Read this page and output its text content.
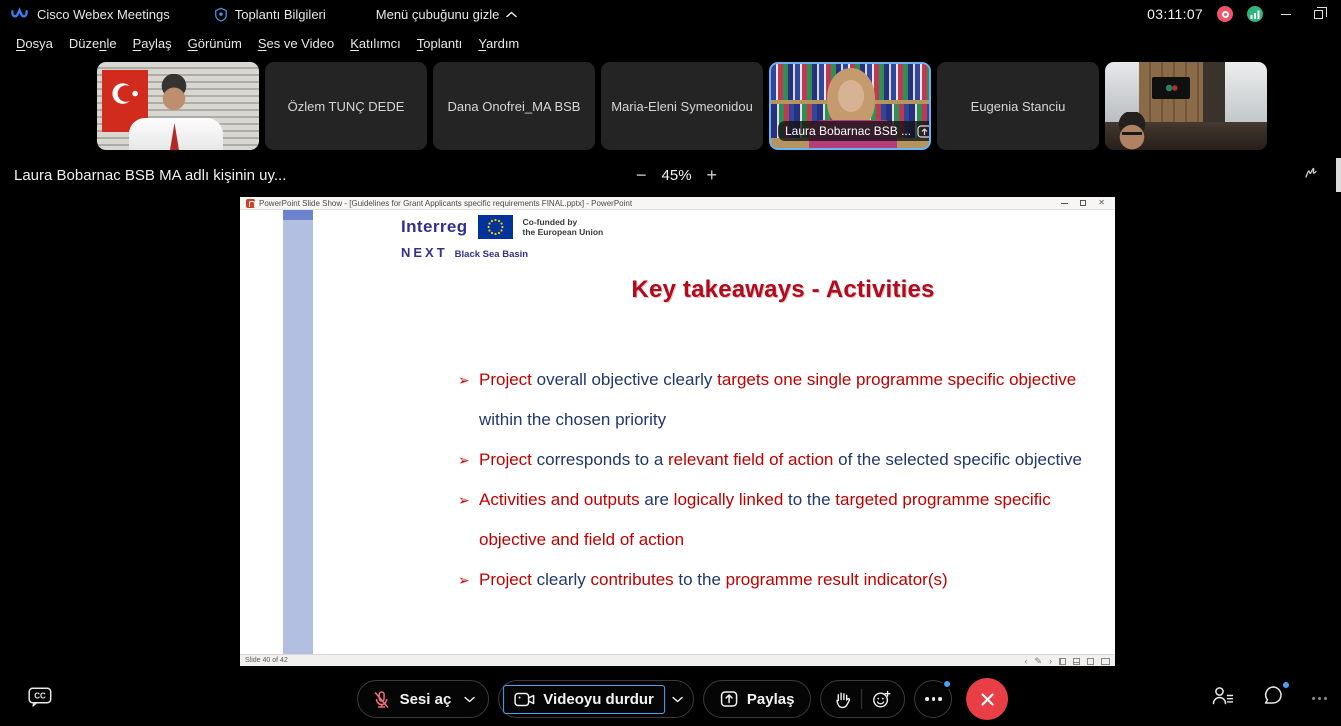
Cisco Webex Meetings	Toplantı Bilgileri	Menü çubuğunu gizle	03:11:07
Dosya	Düzenle	Paylaş	Görünüm	Ses ve Video	Katılımcı	Toplantı	Yardım
Özlem TUNÇ DEDE	Dana Onofrei_MA BSB Maria-Eleni Symeonidou
Laura Bobarnac BSB ...
Eugenia Stanciu
Laura Bobarnac BSB MA adlı kişinin uy...	− 45% +
PowerPoint Slide Show - [Guidelines for Grant Applicants specific requirements FINAL.pptx] - PowerPoint	✕
Interreg	Co-funded by
the European Union
NEXT Black Sea Basin
Key takeaways - Activities
➢ Project overall objective clearly targets one single programme specific objective
within the chosen priority
➢ Project corresponds to a relevant field of action of the selected specific objective
➢ Activities and outputs are logically linked to the targeted programme specific
objective and field of action
➢ Project clearly contributes to the programme result indicator(s)
Slide 40 of 42	‹ ✎ ›
CC	Sesi aç	Videoyu durdur	Paylaş
